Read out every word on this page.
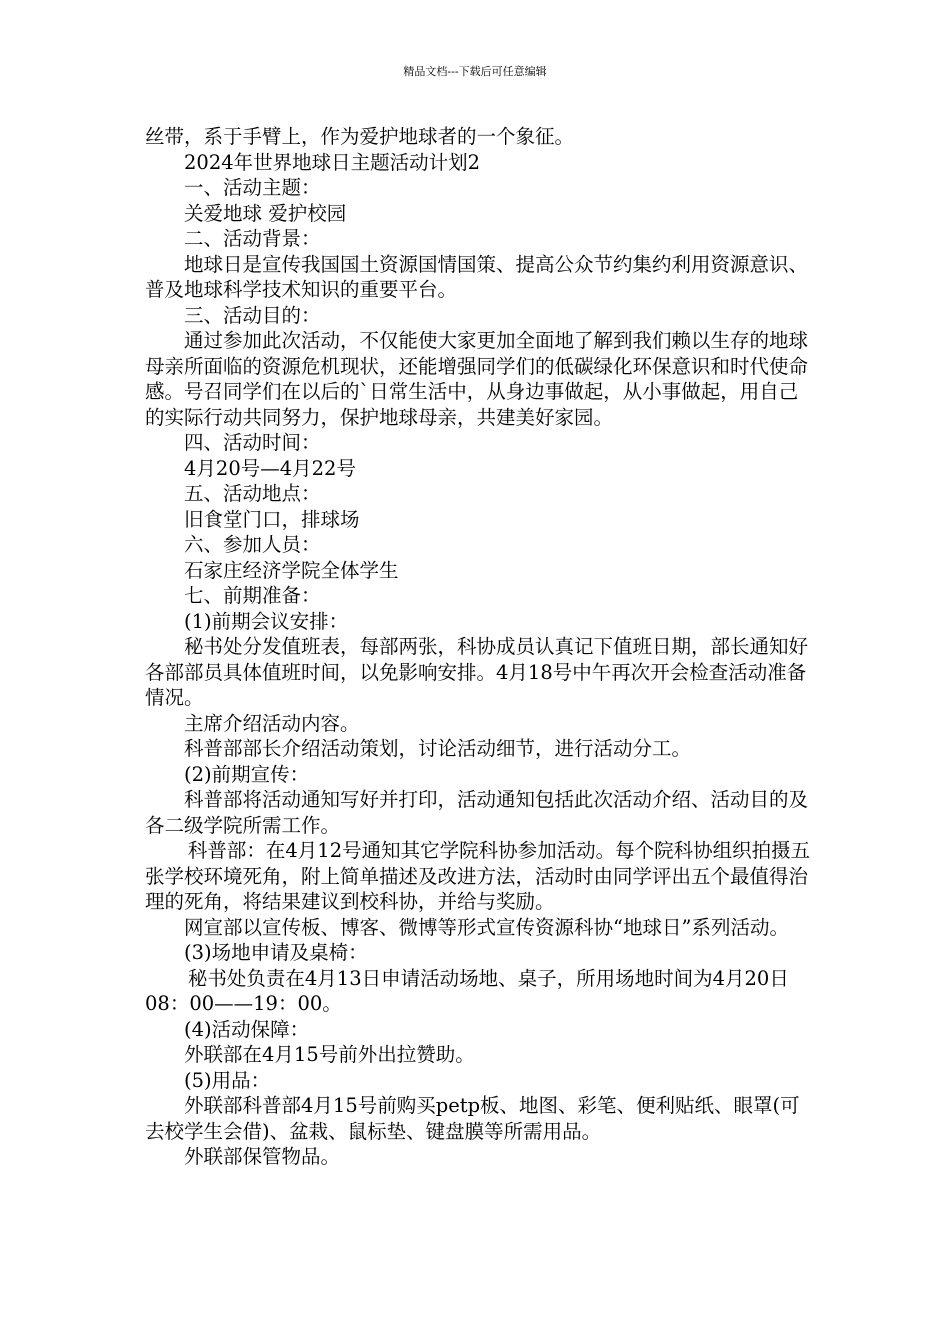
精品文档---下载后可任意编辑

丝带，系于手臂上，作为爱护地球者的一个象征。

2024年世界地球日主题活动计划2

一、活动主题：

关爱地球 爱护校园

二、活动背景：

地球日是宣传我国国土资源国情国策、提高公众节约集约利用资源意识、普及地球科学技术知识的重要平台。

三、活动目的：

通过参加此次活动，不仅能使大家更加全面地了解到我们赖以生存的地球母亲所面临的资源危机现状，还能增强同学们的低碳绿化环保意识和时代使命感。号召同学们在以后的`日常生活中，从身边事做起，从小事做起，用自己的实际行动共同努力，保护地球母亲，共建美好家园。

四、活动时间：

4月20号—4月22号

五、活动地点：

旧食堂门口，排球场

六、参加人员：

石家庄经济学院全体学生

七、前期准备：

(1)前期会议安排：

秘书处分发值班表，每部两张，科协成员认真记下值班日期，部长通知好各部部员具体值班时间，以免影响安排。4月18号中午再次开会检查活动准备情况。

主席介绍活动内容。

科普部部长介绍活动策划，讨论活动细节，进行活动分工。

(2)前期宣传：

科普部将活动通知写好并打印，活动通知包括此次活动介绍、活动目的及各二级学院所需工作。

科普部：在4月12号通知其它学院科协参加活动。每个院科协组织拍摄五张学校环境死角，附上简单描述及改进方法，活动时由同学评出五个最值得治理的死角，将结果建议到校科协，并给与奖励。

网宣部以宣传板、博客、微博等形式宣传资源科协“地球日”系列活动。

(3)场地申请及桌椅：

秘书处负责在4月13日申请活动场地、桌子，所用场地时间为4月20日08：00——19：00。

(4)活动保障：

外联部在4月15号前外出拉赞助。

(5)用品：

外联部科普部4月15号前购买petp板、地图、彩笔、便利贴纸、眼罩(可去校学生会借)、盆栽、鼠标垫、键盘膜等所需用品。

外联部保管物品。
